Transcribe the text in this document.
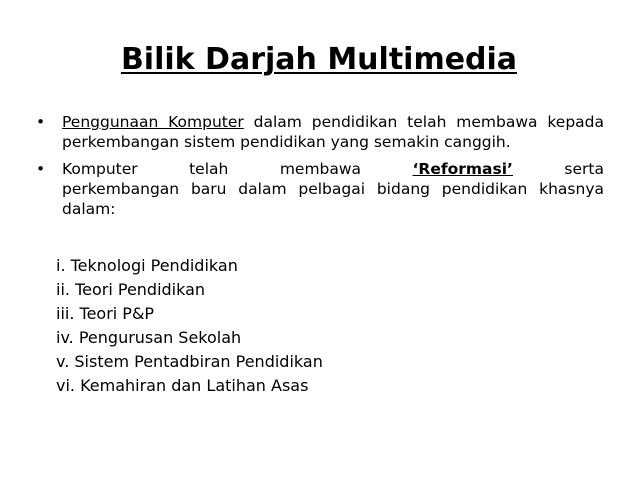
Bilik Darjah Multimedia
• Penggunaan Komputer dalam pendidikan telah membawa kepada perkembangan sistem pendidikan yang semakin canggih.
• Komputer	telah	membawa	‘Reformasi’	serta
perkembangan baru dalam pelbagai bidang pendidikan khasnya dalam:
i. Teknologi Pendidikan
ii. Teori Pendidikan
iii. Teori P&P
iv. Pengurusan Sekolah
v. Sistem Pentadbiran Pendidikan
vi. Kemahiran dan Latihan Asas
